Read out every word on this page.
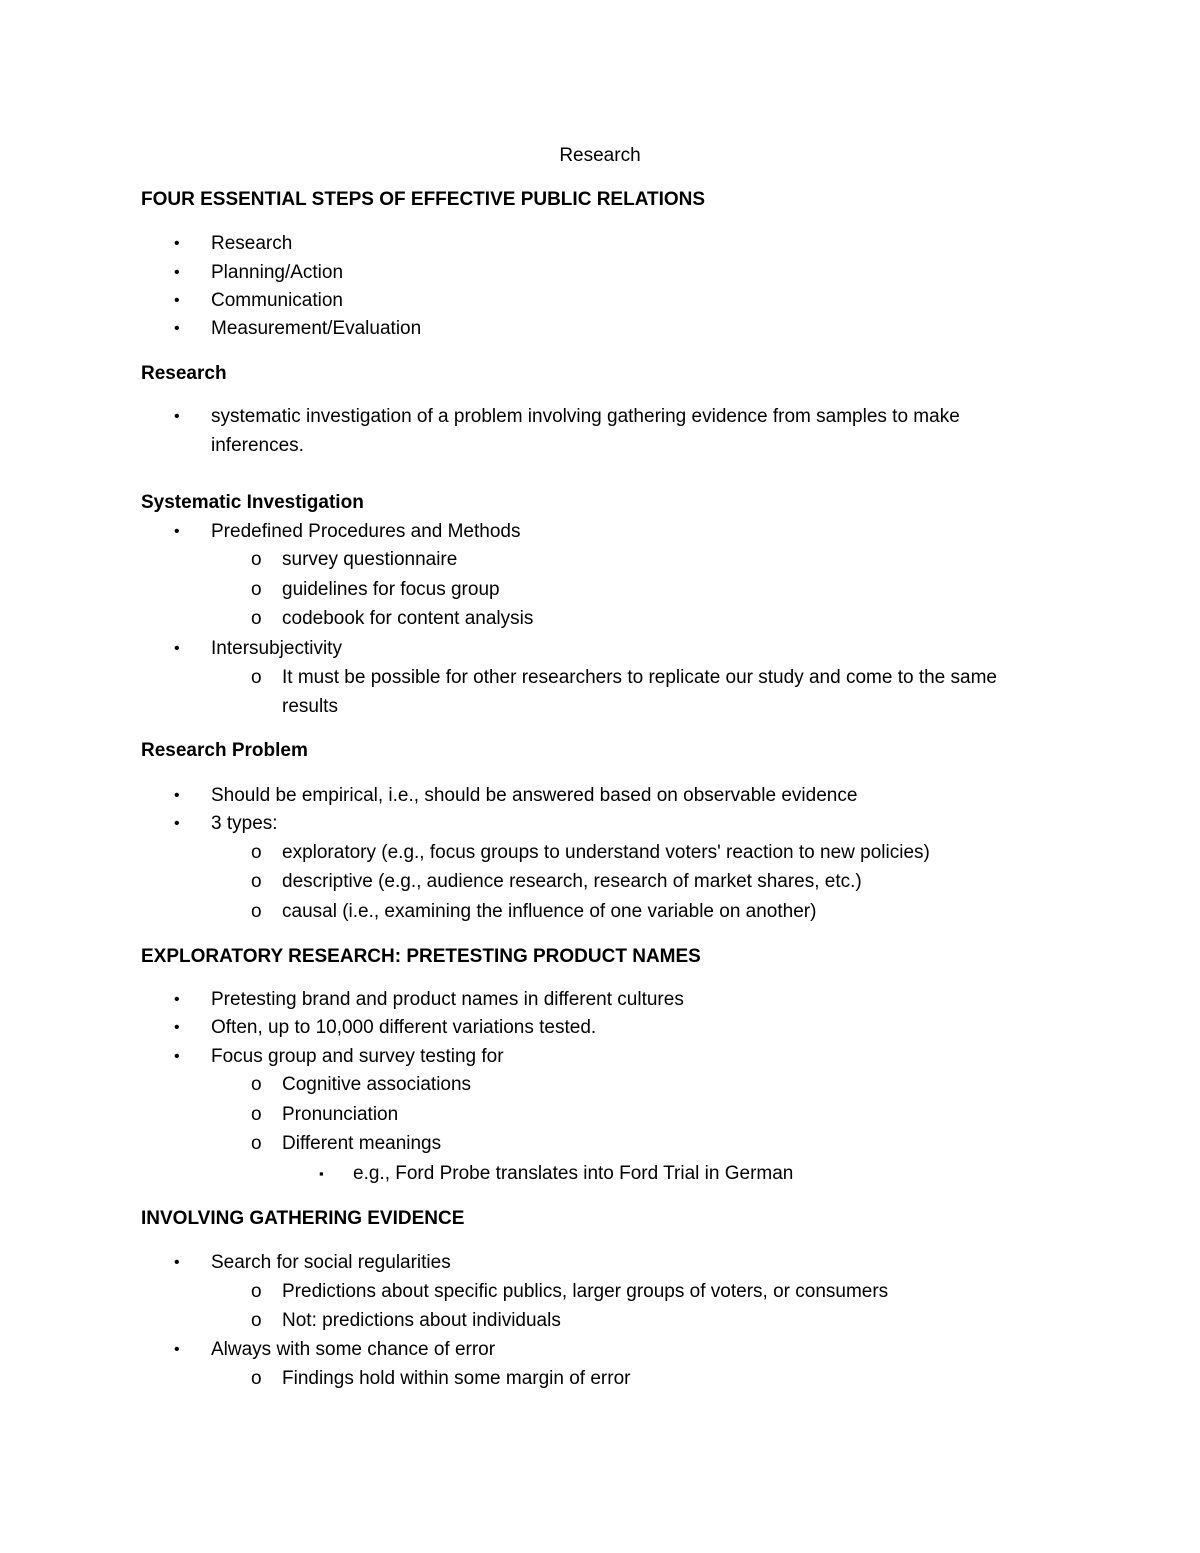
Research
FOUR ESSENTIAL STEPS OF EFFECTIVE PUBLIC RELATIONS
• Research
• Planning/Action
• Communication
• Measurement/Evaluation
Research
• systematic investigation of a problem involving gathering evidence from samples to make
inferences.
Systematic Investigation
• Predefined Procedures and Methods
o survey questionnaire
o guidelines for focus group
o codebook for content analysis
• Intersubjectivity
o It must be possible for other researchers to replicate our study and come to the same
results
Research Problem
• Should be empirical, i.e., should be answered based on observable evidence
• 3 types:
o exploratory (e.g., focus groups to understand voters' reaction to new policies)
o descriptive (e.g., audience research, research of market shares, etc.)
o causal (i.e., examining the influence of one variable on another)
EXPLORATORY RESEARCH: PRETESTING PRODUCT NAMES
• Pretesting brand and product names in different cultures
• Often, up to 10,000 different variations tested.
• Focus group and survey testing for
o Cognitive associations
o Pronunciation
o Different meanings
▪ e.g., Ford Probe translates into Ford Trial in German
INVOLVING GATHERING EVIDENCE
• Search for social regularities
o Predictions about specific publics, larger groups of voters, or consumers
o Not: predictions about individuals
• Always with some chance of error
o Findings hold within some margin of error
